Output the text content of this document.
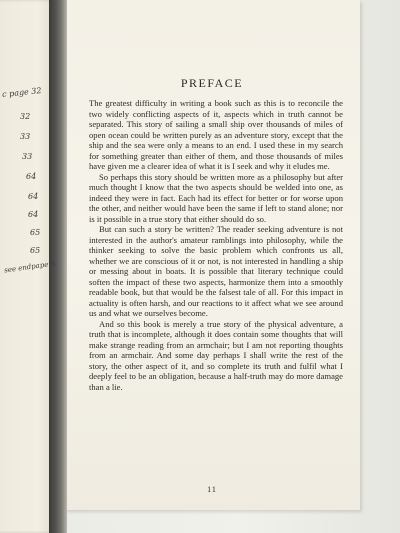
c page 32
32
33
33
64
64
64
65
65
see endpapers
PREFACE

The greatest difficulty in writing a book such as this is to reconcile the two widely conflicting aspects of it, aspects which in truth cannot be separated. This story of sailing a small ship over thousands of miles of open ocean could be written purely as an adventure story, except that the ship and the sea were only a means to an end. I used these in my search for something greater than either of them, and those thousands of miles have given me a clearer idea of what it is I seek and why it eludes me.

So perhaps this story should be written more as a philosophy but after much thought I know that the two aspects should be welded into one, as indeed they were in fact. Each had its effect for better or for worse upon the other, and neither would have been the same if left to stand alone; nor is it possible in a true story that either should do so.

But can such a story be written? The reader seeking adventure is not interested in the author's amateur ramblings into philosophy, while the thinker seeking to solve the basic problem which confronts us all, whether we are conscious of it or not, is not interested in handling a ship or messing about in boats. It is possible that literary technique could soften the impact of these two aspects, harmonize them into a smoothly readable book, but that would be the falsest tale of all. For this impact in actuality is often harsh, and our reactions to it affect what we see around us and what we ourselves become.

And so this book is merely a true story of the physical adventure, a truth that is incomplete, although it does contain some thoughts that will make strange reading from an armchair; but I am not reporting thoughts from an armchair. And some day perhaps I shall write the rest of the story, the other aspect of it, and so complete its truth and fulfil what I deeply feel to be an obligation, because a half-truth may do more damage than a lie.

11
